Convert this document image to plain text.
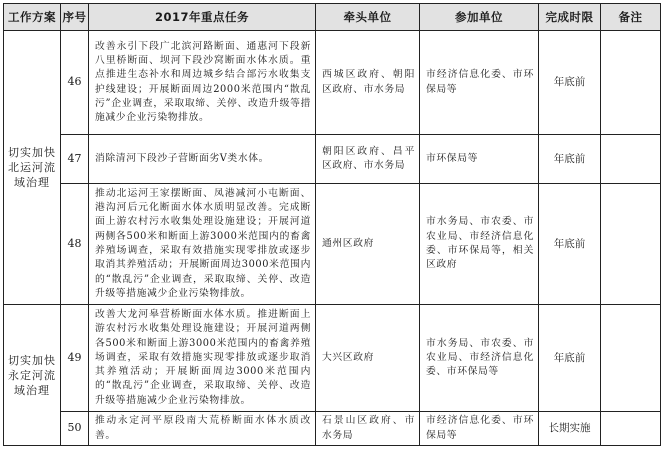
工作方案	序号	2017年重点任务	牵头单位	参加单位	完成时限	备注
切实加快北运河流域治理	46	改善永引下段广北滨河路断面、通惠河下段新八里桥断面、坝河下段沙窝断面水体水质。重点推进生态补水和周边城乡结合部污水收集支护线建设；开展断面周边2000米范围内“散乱污”企业调查，采取取缔、关停、改造升级等措施减少企业污染物排放。	西城区政府、朝阳区政府、市水务局	市经济信息化委、市环保局等	年底前	
	47	消除清河下段沙子营断面劣Ⅴ类水体。	朝阳区政府、昌平区政府、市水务局	市环保局等	年底前	
	48	推动北运河王家摆断面、凤港减河小屯断面、港沟河后元化断面水体水质明显改善。完成断面上游农村污水收集处理设施建设；开展河道两侧各500米和断面上游3000米范围内的畜禽养殖场调查，采取有效措施实现零排放或逐步取消其养殖活动；开展断面周边3000米范围内的“散乱污”企业调查，采取取缔、关停、改造升级等措施减少企业污染物排放。	通州区政府	市水务局、市农委、市农业局、市经济信息化委、市环保局等，相关区政府	年底前	
切实加快永定河流域治理	49	改善大龙河皋营桥断面水体水质。推进断面上游农村污水收集处理设施建设；开展河道两侧各500米和断面上游3000米范围内的畜禽养殖场调查，采取有效措施实现零排放或逐步取消其养殖活动；开展断面周边3000米范围内的“散乱污”企业调查，采取取缔、关停、改造升级等措施减少企业污染物排放。	大兴区政府	市水务局、市农委、市农业局、市经济信息化委、市环保局等	年底前	
	50	推动永定河平原段南大荒桥断面水体水质改善。	石景山区政府、市水务局	市经济信息化委、市环保局等	长期实施	
